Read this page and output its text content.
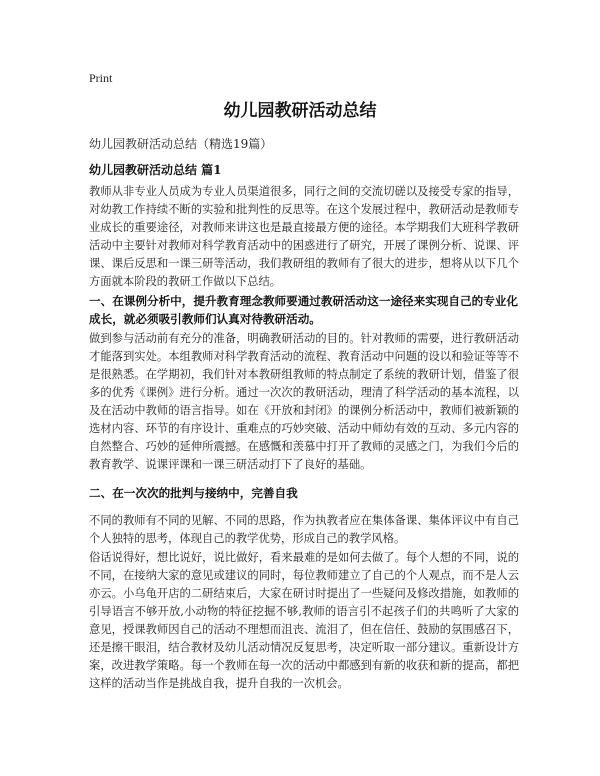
Print
幼儿园教研活动总结
幼儿园教研活动总结（精选19篇）
幼儿园教研活动总结 篇1

教师从非专业人员成为专业人员渠道很多，同行之间的交流切磋以及接受专家的指导，对幼教工作持续不断的实验和批判性的反思等。在这个发展过程中，教研活动是教师专业成长的重要途径，对教师来讲这也是最直接最方便的途径。本学期我们大班科学教研活动中主要针对教师对科学教育活动中的困惑进行了研究，开展了课例分析、说课、评课、课后反思和一课三研等活动，我们教研组的教师有了很大的进步，想将从以下几个方面就本阶段的教研工作做以下总结。

一、在课例分析中，提升教育理念教师要通过教研活动这一途径来实现自己的专业化成长，就必须吸引教师们认真对待教研活动。

做到参与活动前有充分的准备，明确教研活动的目的。针对教师的需要，进行教研活动才能落到实处。本组教师对科学教育活动的流程、教育活动中问题的设以和验证等等不是很熟悉。在学期初，我们针对本教研组教师的特点制定了系统的教研计划，借鉴了很多的优秀《课例》进行分析。通过一次次的教研活动，理清了科学活动的基本流程，以及在活动中教师的语言指导。如在《开放和封闭》的课例分析活动中，教师们被新颖的选材内容、环节的有序设计、重难点的巧妙突破、活动中师幼有效的互动、多元内容的自然整合、巧妙的延伸所震撼。在感慨和羡慕中打开了教师的灵感之门，为我们今后的教育教学、说课评课和一课三研活动打下了良好的基础。

二、在一次次的批判与接纳中，完善自我

不同的教师有不同的见解、不同的思路，作为执教者应在集体备课、集体评议中有自己个人独特的思考，体现自己的教学优势，形成自己的教学风格。

俗话说得好，想比说好，说比做好，看来最难的是如何去做了。每个人想的不同，说的不同，在接纳大家的意见或建议的同时，每位教师建立了自己的个人观点，而不是人云亦云。小乌龟开店的二研结束后，大家在研讨时提出了一些疑问及修改措施，如教师的引导语言不够开放,小动物的特征挖掘不够,教师的语言引不起孩子们的共鸣听了大家的意见，授课教师因自己的活动不理想而沮丧、流泪了，但在信任、鼓励的氛围感召下，还是擦干眼泪，结合教材及幼儿活动情况反复思考，决定听取一部分建议。重新设计方案，改进教学策略。每一个教师在每一次的活动中都感到有新的收获和新的提高，都把这样的活动当作是挑战自我，提升自我的一次机会。
